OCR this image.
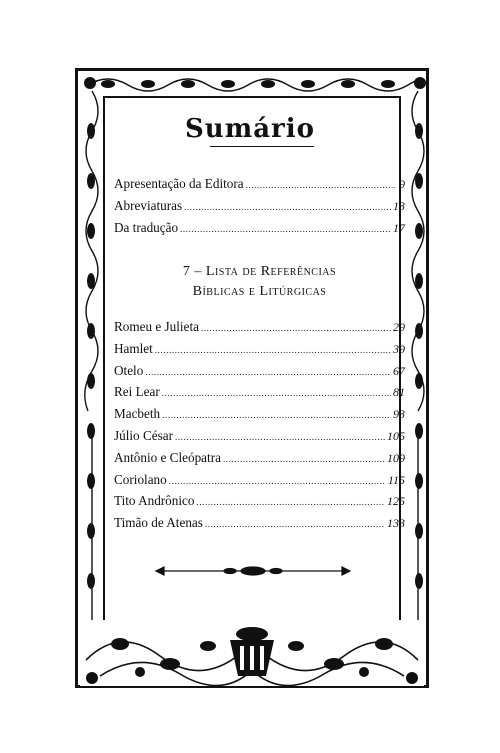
Sumário
Apresentação da Editora .....	9
Abreviaturas .....	13
Da tradução .....	17
7 – Lista de Referências
Bíblicas e Litúrgicas
Romeu e Julieta .....	29
Hamlet .....	39
Otelo .....	67
Rei Lear .....	81
Macbeth .....	93
Júlio César .....	105
Antônio e Cleópatra .....	109
Coriolano .....	115
Tito Andrônico .....	125
Timão de Atenas .....	133
